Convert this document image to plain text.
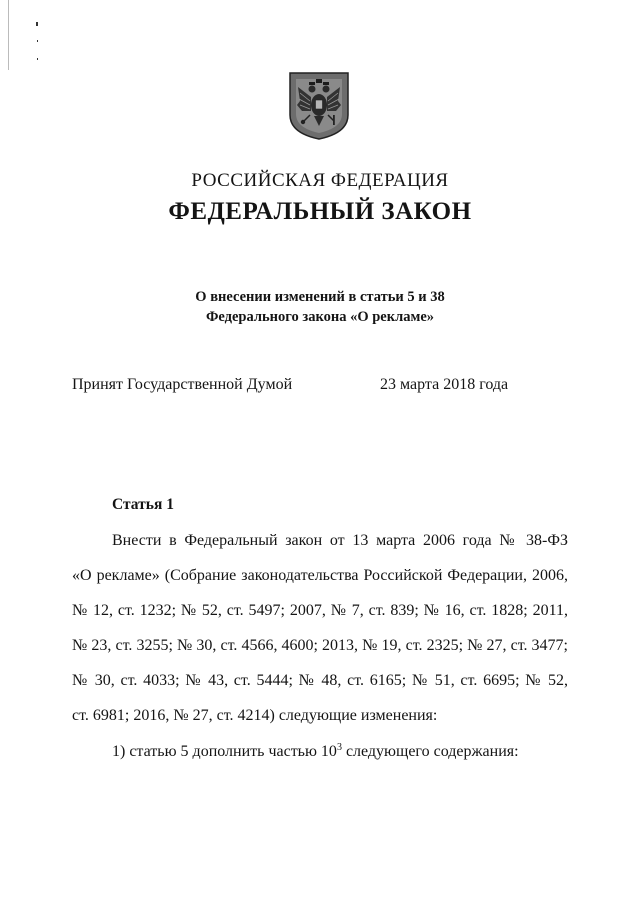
РОССИЙСКАЯ ФЕДЕРАЦИЯ
ФЕДЕРАЛЬНЫЙ ЗАКОН
О внесении изменений в статьи 5 и 38
Федерального закона «О рекламе»
Принят Государственной Думой	23 марта 2018 года
Статья 1
Внести в Федеральный закон от 13 марта 2006 года № 38-ФЗ
«О рекламе» (Собрание законодательства Российской Федерации, 2006,
№ 12, ст. 1232; № 52, ст. 5497; 2007, № 7, ст. 839; № 16, ст. 1828; 2011,
№ 23, ст. 3255; № 30, ст. 4566, 4600; 2013, № 19, ст. 2325; № 27, ст. 3477;
№ 30, ст. 4033; № 43, ст. 5444; № 48, ст. 6165; № 51, ст. 6695; № 52,
ст. 6981; 2016, № 27, ст. 4214) следующие изменения:
1) статью 5 дополнить частью $10^3$ следующего содержания:
